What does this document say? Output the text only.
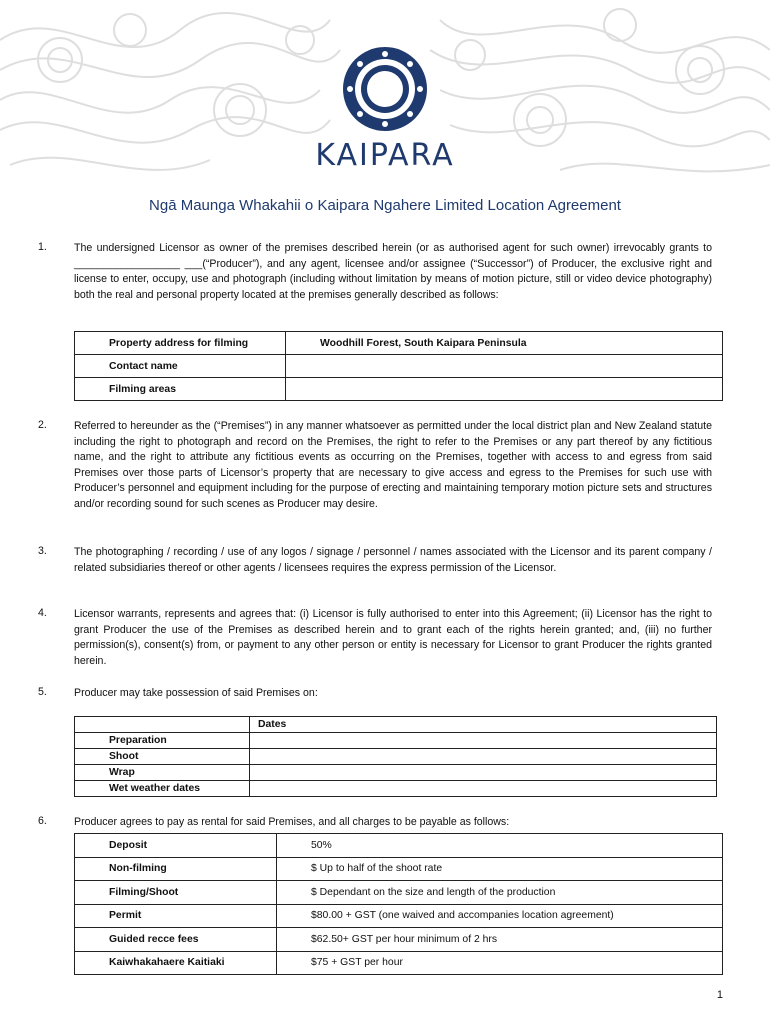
KAIPARA
Ngā Maunga Whakahii o Kaipara Ngahere Limited Location Agreement
1.	The undersigned Licensor as owner of the premises described herein (or as authorised agent for such owner) irrevocably grants to __________________ ___(“Producer”), and any agent, licensee and/or assignee (“Successor”) of Producer, the exclusive right and license to enter, occupy, use and photograph (including without limitation by means of motion picture, still or video device photography) both the real and personal property located at the premises generally described as follows:

Property address for filming	Woodhill Forest, South Kaipara Peninsula
Contact name	
Filming areas	
2.	Referred to hereunder as the (“Premises”) in any manner whatsoever as permitted under the local district plan and New Zealand statute including the right to photograph and record on the Premises, the right to refer to the Premises or any part thereof by any fictitious name, and the right to attribute any fictitious events as occurring on the Premises, together with access to and egress from said Premises over those parts of Licensor’s property that are necessary to give access and egress to the Premises for such use with Producer’s personnel and equipment including for the purpose of erecting and maintaining temporary motion picture sets and structures and/or recording sound for such scenes as Producer may desire.

3.	The photographing / recording / use of any logos / signage / personnel / names associated with the Licensor and its parent company / related subsidiaries thereof or other agents / licensees requires the express permission of the Licensor.

4.	Licensor warrants, represents and agrees that: (i) Licensor is fully authorised to enter into this Agreement; (ii) Licensor has the right to grant Producer the use of the Premises as described herein and to grant each of the rights herein granted; and, (iii) no further permission(s), consent(s) from, or payment to any other person or entity is necessary for Licensor to grant Producer the rights granted herein.

5.	Producer may take possession of said Premises on:

	Dates
Preparation	
Shoot	
Wrap	
Wet weather dates	
6.	Producer agrees to pay as rental for said Premises, and all charges to be payable as follows:

Deposit	50%
Non-filming	$ Up to half of the shoot rate
Filming/Shoot	$ Dependant on the size and length of the production
Permit	$80.00 + GST (one waived and accompanies location agreement)
Guided recce fees	$62.50+ GST per hour minimum of 2 hrs
Kaiwhakahaere Kaitiaki	$75 + GST per hour
1
